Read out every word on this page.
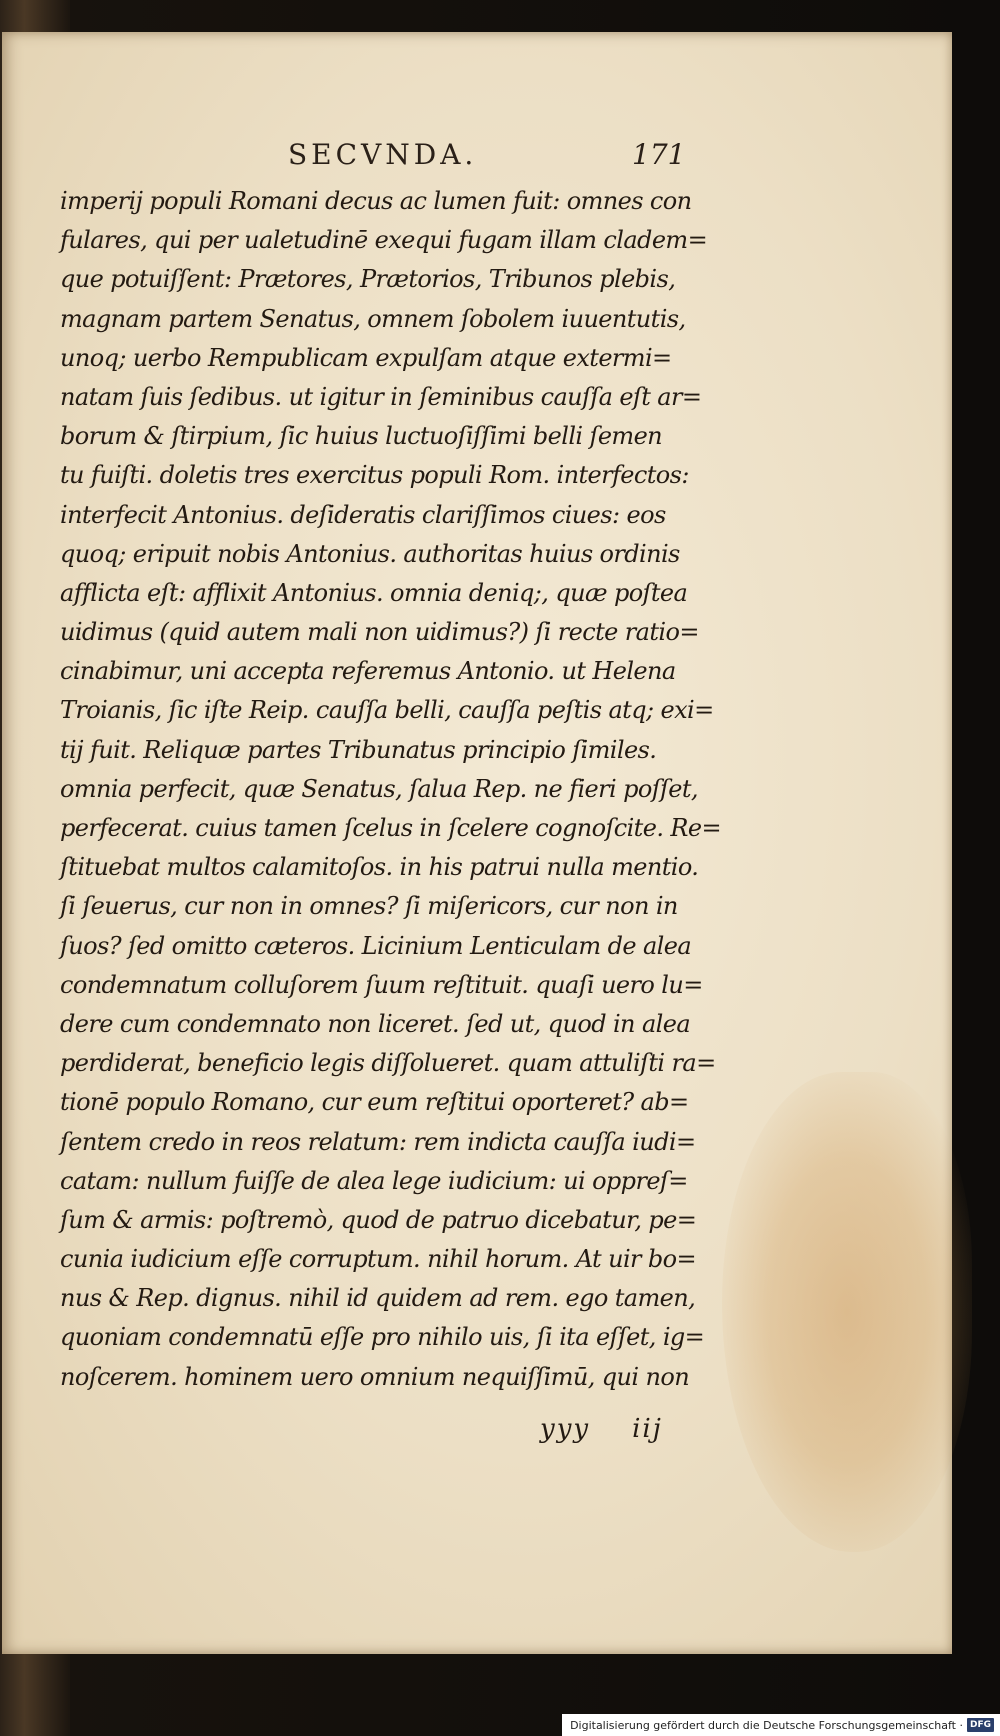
SECVNDA.	171
imperij populi Romani decus ac lumen fuit: omnes con
fulares, qui per ualetudinē exequi fugam illam cladem=
que potuiſſent: Prætores, Prætorios, Tribunos plebis,
magnam partem Senatus, omnem ſobolem iuuentutis,
unoq; uerbo Rempublicam expulſam atque extermi=
natam ſuis ſedibus. ut igitur in ſeminibus cauſſa eſt ar=
borum & ſtirpium, ſic huius luctuoſiſſimi belli ſemen
tu fuiſti. doletis tres exercitus populi Rom. interfectos:
interfecit Antonius. deſideratis clariſſimos ciues: eos
quoq; eripuit nobis Antonius. authoritas huius ordinis
afflicta eſt: afflixit Antonius. omnia deniq;, quæ poſtea
uidimus (quid autem mali non uidimus?) ſi recte ratio=
cinabimur, uni accepta referemus Antonio. ut Helena
Troianis, ſic iſte Reip. cauſſa belli, cauſſa peſtis atq; exi=
tij fuit. Reliquæ partes Tribunatus principio ſimiles.
omnia perfecit, quæ Senatus, ſalua Rep. ne fieri poſſet,
perfecerat. cuius tamen ſcelus in ſcelere cognoſcite. Re=
ſtituebat multos calamitoſos. in his patrui nulla mentio.
ſi ſeuerus, cur non in omnes? ſi miſericors, cur non in
ſuos? ſed omitto cæteros. Licinium Lenticulam de alea
condemnatum colluſorem ſuum reſtituit. quaſi uero lu=
dere cum condemnato non liceret. ſed ut, quod in alea
perdiderat, beneficio legis diſſolueret. quam attuliſti ra=
tionē populo Romano, cur eum reſtitui oporteret? ab=
ſentem credo in reos relatum: rem indicta cauſſa iudi=
catam: nullum fuiſſe de alea lege iudicium: ui oppreſ=
ſum & armis: poſtremò, quod de patruo dicebatur, pe=
cunia iudicium eſſe corruptum. nihil horum. At uir bo=
nus & Rep. dignus. nihil id quidem ad rem. ego tamen,
quoniam condemnatū eſſe pro nihilo uis, ſi ita eſſet, ig=
noſcerem. hominem uero omnium nequiſſimū, qui non
yyy iij
Digitalisierung gefördert durch die Deutsche Forschungsgemeinschaft · DFG
